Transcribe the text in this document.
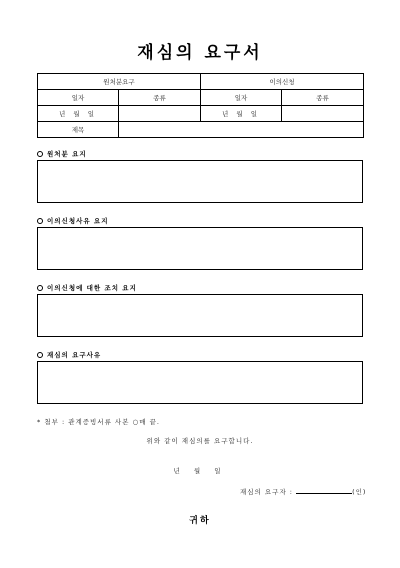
재심의 요구서
원처분요구		이의신청	
일자	종류	일자	종류
년 월 일		년 월 일	
제목			
원처분 요지
이의신청사유 요지
이의신청에 대한 조치 요지
재심의 요구사유
* 첨부 : 관계증빙서류 사본 ○매 끝.
위와 같이 재심의를 요구합니다.
년 월 일
재심의 요구자 :	(인)
귀하
